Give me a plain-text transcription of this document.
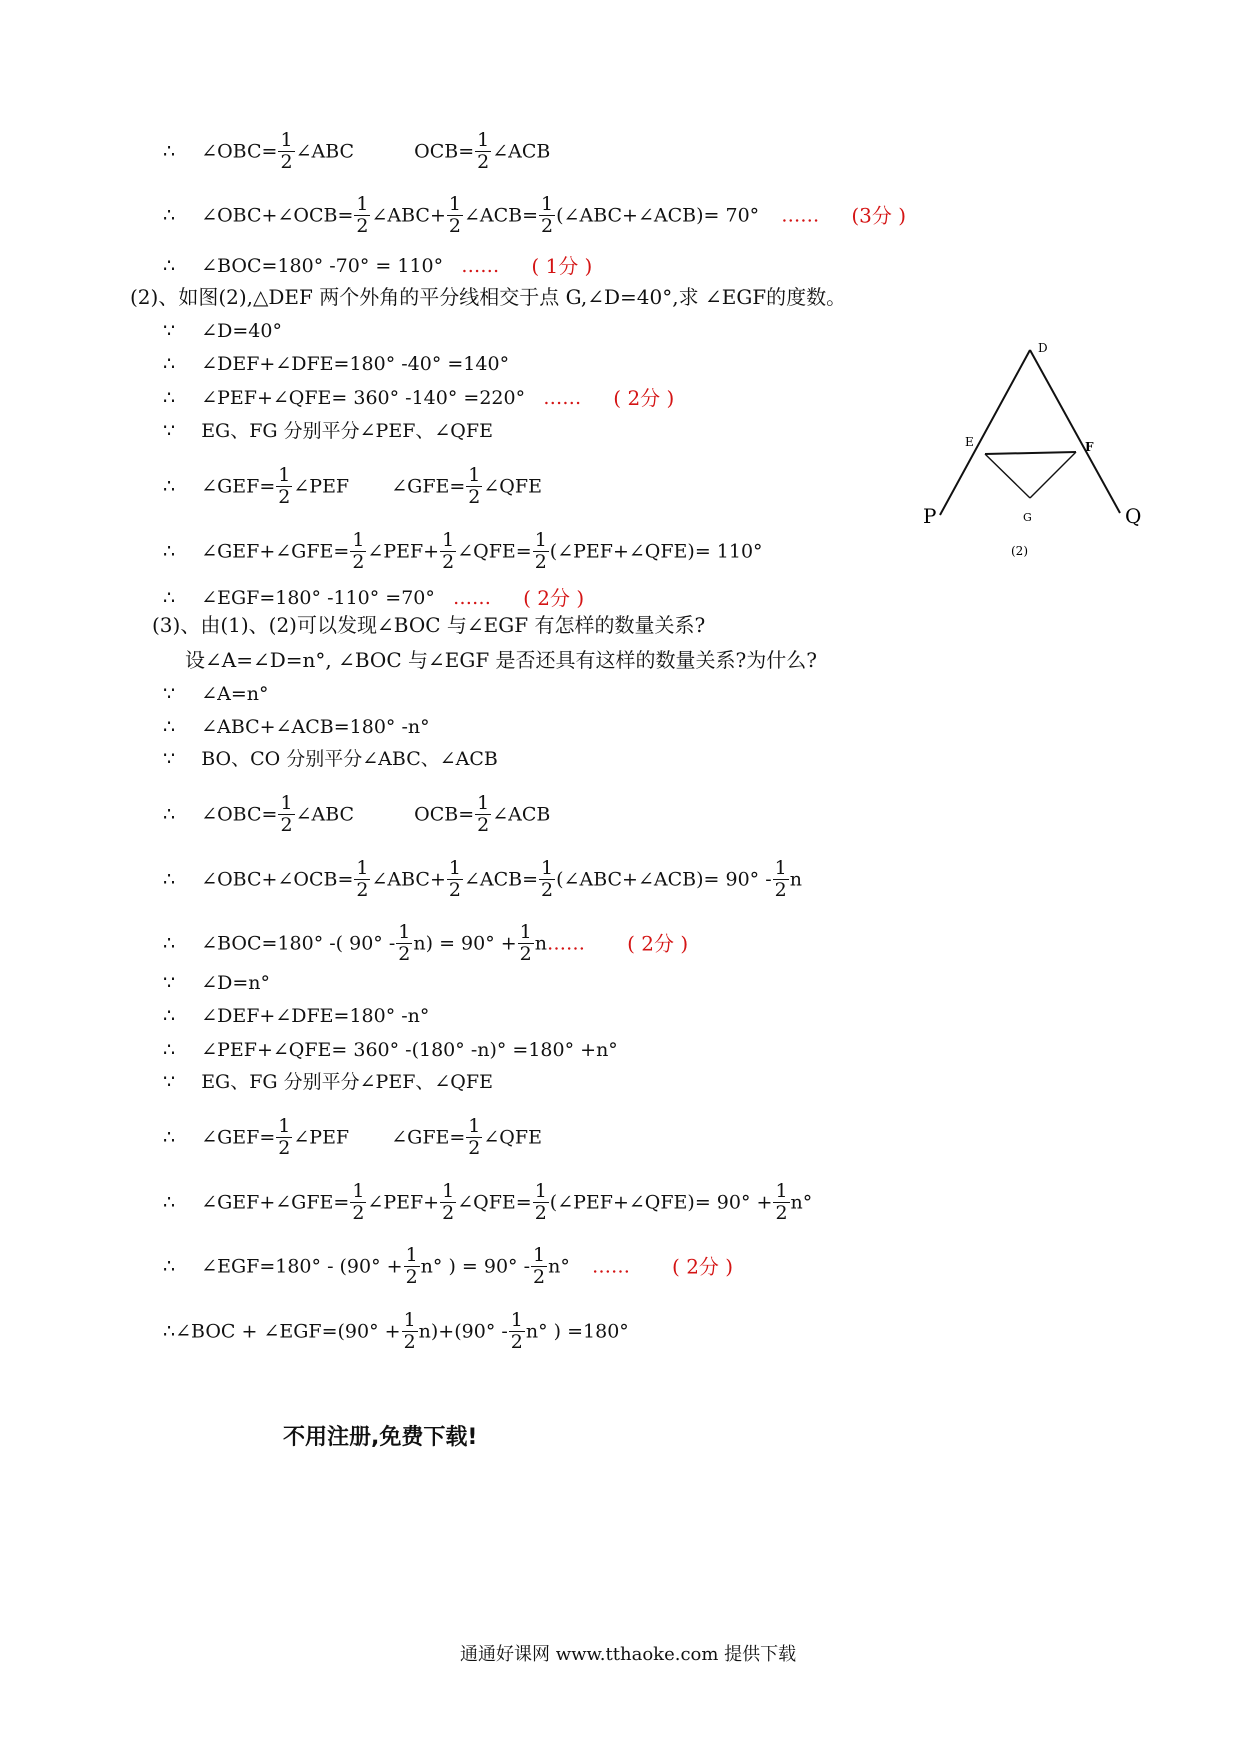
∴ ∠OBC= $\frac{1}{2}$ ∠ABC	$OCB= \frac{1}{2}$ ∠ACB
∴ ∠OBC+∠OCB= $\frac{1}{2}$ ∠ABC+ $\frac{1}{2}$ ∠ACB= $\frac{1}{2}$ (∠ABC+∠ACB)= 70° …… (3分 )
∴ ∠BOC=180° -70° = 110° …… ( 1分 )
(2)、如图(2),△DEF 两个外角的平分线相交于点 G,∠D=40°,求 ∠EGF的度数。
∵ ∠D=40°
∴ ∠DEF+∠DFE=180° -40° =140°
∴ ∠PEF+∠QFE= 360° -140° =220° …… ( 2分 )
∵ EG、FG 分别平分∠PEF、∠QFE
∴ ∠GEF= $\frac{1}{2}$ ∠PEF ∠GFE= $\frac{1}{2}$ ∠QFE
∴ ∠GEF+∠GFE= $\frac{1}{2}$ ∠PEF+ $\frac{1}{2}$ ∠QFE= $\frac{1}{2}$ (∠PEF+∠QFE)= 110°
∴ ∠EGF=180° -110° =70° …… ( 2分 )
(3)、由(1)、(2)可以发现∠BOC 与∠EGF 有怎样的数量关系?
设∠A=∠D=n°, ∠BOC 与∠EGF 是否还具有这样的数量关系?为什么?
∵ ∠A=n°
∴ ∠ABC+∠ACB=180° -n°
∵ BO、CO 分别平分∠ABC、∠ACB
∴ ∠OBC= $\frac{1}{2}$ ∠ABC	$OCB= \frac{1}{2}$ ∠ACB
∴ ∠OBC+∠OCB= $\frac{1}{2}$ ∠ABC+ $\frac{1}{2}$ ∠ACB= $\frac{1}{2}$ (∠ABC+∠ACB)= $90^\circ - \frac{1}{2}$ n
∴ ∠BOC=180° -( $90^\circ - \frac{1}{2} n) = 90^\circ + \frac{1}{2}$ n…… ( 2分 )
∵ ∠D=n°
∴ ∠DEF+∠DFE=180° -n°
∴ ∠PEF+∠QFE= 360° -(180° -n)° =180° +n°
∵ EG、FG 分别平分∠PEF、∠QFE
∴ ∠GEF= $\frac{1}{2}$ ∠PEF ∠GFE= $\frac{1}{2}$ ∠QFE
∴ ∠GEF+∠GFE= $\frac{1}{2}$ ∠PEF+ $\frac{1}{2}$ ∠QFE= $\frac{1}{2}$ (∠PEF+∠QFE)= $90^\circ + \frac{1}{2} n^\circ$
∴ ∠EGF=180° - ($90^\circ + \frac{1}{2} n^\circ$ ) = $90^\circ - \frac{1}{2} n^\circ$ …… ( 2分 )
∴∠BOC + ∠EGF=(90° + $\frac{1}{2} n)+(90^\circ - \frac{1}{2} n^\circ$ ) =180°
D
E	F
G
P	Q
(2)
不用注册,免费下载!
通通好课网 www.tthaoke.com 提供下载
